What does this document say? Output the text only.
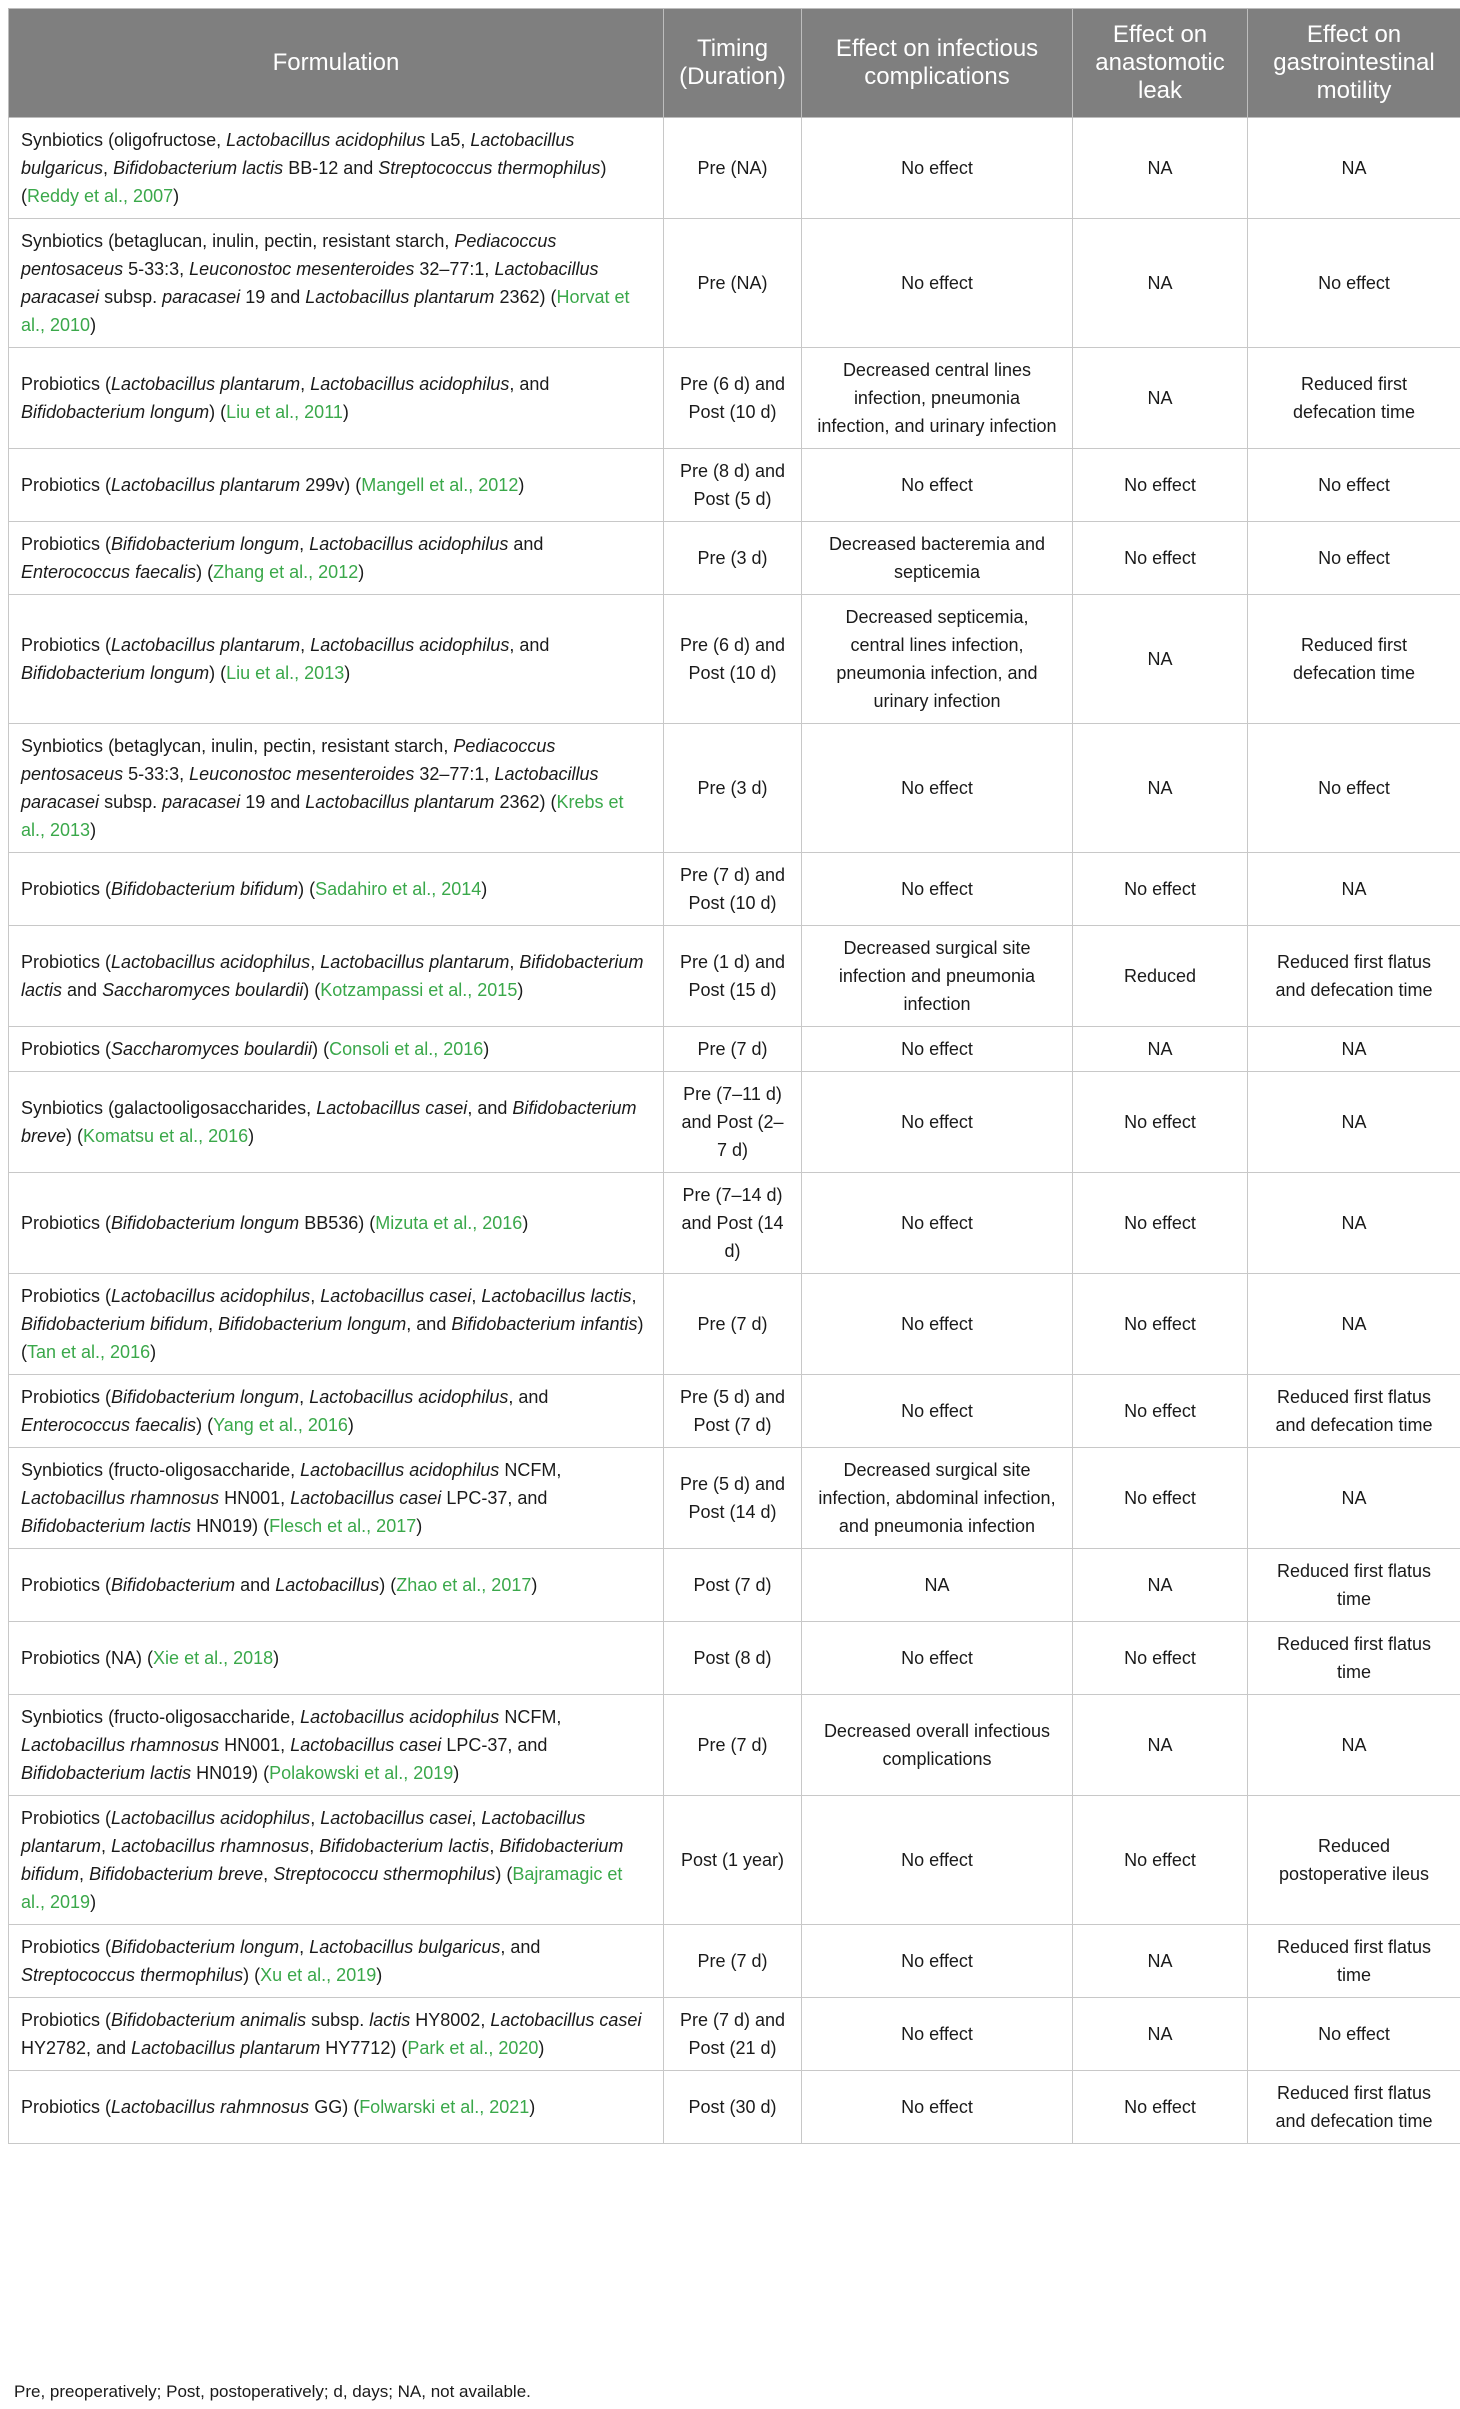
Formulation	Timing (Duration)	Effect on infectious complications	Effect on anastomotic leak	Effect on gastrointestinal motility
Synbiotics (oligofructose, Lactobacillus acidophilus La5, Lactobacillus bulgaricus, Bifidobacterium lactis BB-12 and Streptococcus thermophilus) (Reddy et al., 2007)	Pre (NA)	No effect	NA	NA
Synbiotics (betaglucan, inulin, pectin, resistant starch, Pediacoccus pentosaceus 5-33:3, Leuconostoc mesenteroides 32–77:1, Lactobacillus paracasei subsp. paracasei 19 and Lactobacillus plantarum 2362) (Horvat et al., 2010)	Pre (NA)	No effect	NA	No effect
Probiotics (Lactobacillus plantarum, Lactobacillus acidophilus, and Bifidobacterium longum) (Liu et al., 2011)	Pre (6 d) and Post (10 d)	Decreased central lines infection, pneumonia infection, and urinary infection	NA	Reduced first defecation time
Probiotics (Lactobacillus plantarum 299v) (Mangell et al., 2012)	Pre (8 d) and Post (5 d)	No effect	No effect	No effect
Probiotics (Bifidobacterium longum, Lactobacillus acidophilus and Enterococcus faecalis) (Zhang et al., 2012)	Pre (3 d)	Decreased bacteremia and septicemia	No effect	No effect
Probiotics (Lactobacillus plantarum, Lactobacillus acidophilus, and Bifidobacterium longum) (Liu et al., 2013)	Pre (6 d) and Post (10 d)	Decreased septicemia, central lines infection, pneumonia infection, and urinary infection	NA	Reduced first defecation time
Synbiotics (betaglycan, inulin, pectin, resistant starch, Pediacoccus pentosaceus 5-33:3, Leuconostoc mesenteroides 32–77:1, Lactobacillus paracasei subsp. paracasei 19 and Lactobacillus plantarum 2362) (Krebs et al., 2013)	Pre (3 d)	No effect	NA	No effect
Probiotics (Bifidobacterium bifidum) (Sadahiro et al., 2014)	Pre (7 d) and Post (10 d)	No effect	No effect	NA
Probiotics (Lactobacillus acidophilus, Lactobacillus plantarum, Bifidobacterium lactis and Saccharomyces boulardii) (Kotzampassi et al., 2015)	Pre (1 d) and Post (15 d)	Decreased surgical site infection and pneumonia infection	Reduced	Reduced first flatus and defecation time
Probiotics (Saccharomyces boulardii) (Consoli et al., 2016)	Pre (7 d)	No effect	NA	NA
Synbiotics (galactooligosaccharides, Lactobacillus casei, and Bifidobacterium breve) (Komatsu et al., 2016)	Pre (7–11 d) and Post (2–7 d)	No effect	No effect	NA
Probiotics (Bifidobacterium longum BB536) (Mizuta et al., 2016)	Pre (7–14 d) and Post (14 d)	No effect	No effect	NA
Probiotics (Lactobacillus acidophilus, Lactobacillus casei, Lactobacillus lactis, Bifidobacterium bifidum, Bifidobacterium longum, and Bifidobacterium infantis) (Tan et al., 2016)	Pre (7 d)	No effect	No effect	NA
Probiotics (Bifidobacterium longum, Lactobacillus acidophilus, and Enterococcus faecalis) (Yang et al., 2016)	Pre (5 d) and Post (7 d)	No effect	No effect	Reduced first flatus and defecation time
Synbiotics (fructo-oligosaccharide, Lactobacillus acidophilus NCFM, Lactobacillus rhamnosus HN001, Lactobacillus casei LPC-37, and Bifidobacterium lactis HN019) (Flesch et al., 2017)	Pre (5 d) and Post (14 d)	Decreased surgical site infection, abdominal infection, and pneumonia infection	No effect	NA
Probiotics (Bifidobacterium and Lactobacillus) (Zhao et al., 2017)	Post (7 d)	NA	NA	Reduced first flatus time
Probiotics (NA) (Xie et al., 2018)	Post (8 d)	No effect	No effect	Reduced first flatus time
Synbiotics (fructo-oligosaccharide, Lactobacillus acidophilus NCFM, Lactobacillus rhamnosus HN001, Lactobacillus casei LPC-37, and Bifidobacterium lactis HN019) (Polakowski et al., 2019)	Pre (7 d)	Decreased overall infectious complications	NA	NA
Probiotics (Lactobacillus acidophilus, Lactobacillus casei, Lactobacillus plantarum, Lactobacillus rhamnosus, Bifidobacterium lactis, Bifidobacterium bifidum, Bifidobacterium breve, Streptococcu sthermophilus) (Bajramagic et al., 2019)	Post (1 year)	No effect	No effect	Reduced postoperative ileus
Probiotics (Bifidobacterium longum, Lactobacillus bulgaricus, and Streptococcus thermophilus) (Xu et al., 2019)	Pre (7 d)	No effect	NA	Reduced first flatus time
Probiotics (Bifidobacterium animalis subsp. lactis HY8002, Lactobacillus casei HY2782, and Lactobacillus plantarum HY7712) (Park et al., 2020)	Pre (7 d) and Post (21 d)	No effect	NA	No effect
Probiotics (Lactobacillus rahmnosus GG) (Folwarski et al., 2021)	Post (30 d)	No effect	No effect	Reduced first flatus and defecation time
Pre, preoperatively; Post, postoperatively; d, days; NA, not available.
